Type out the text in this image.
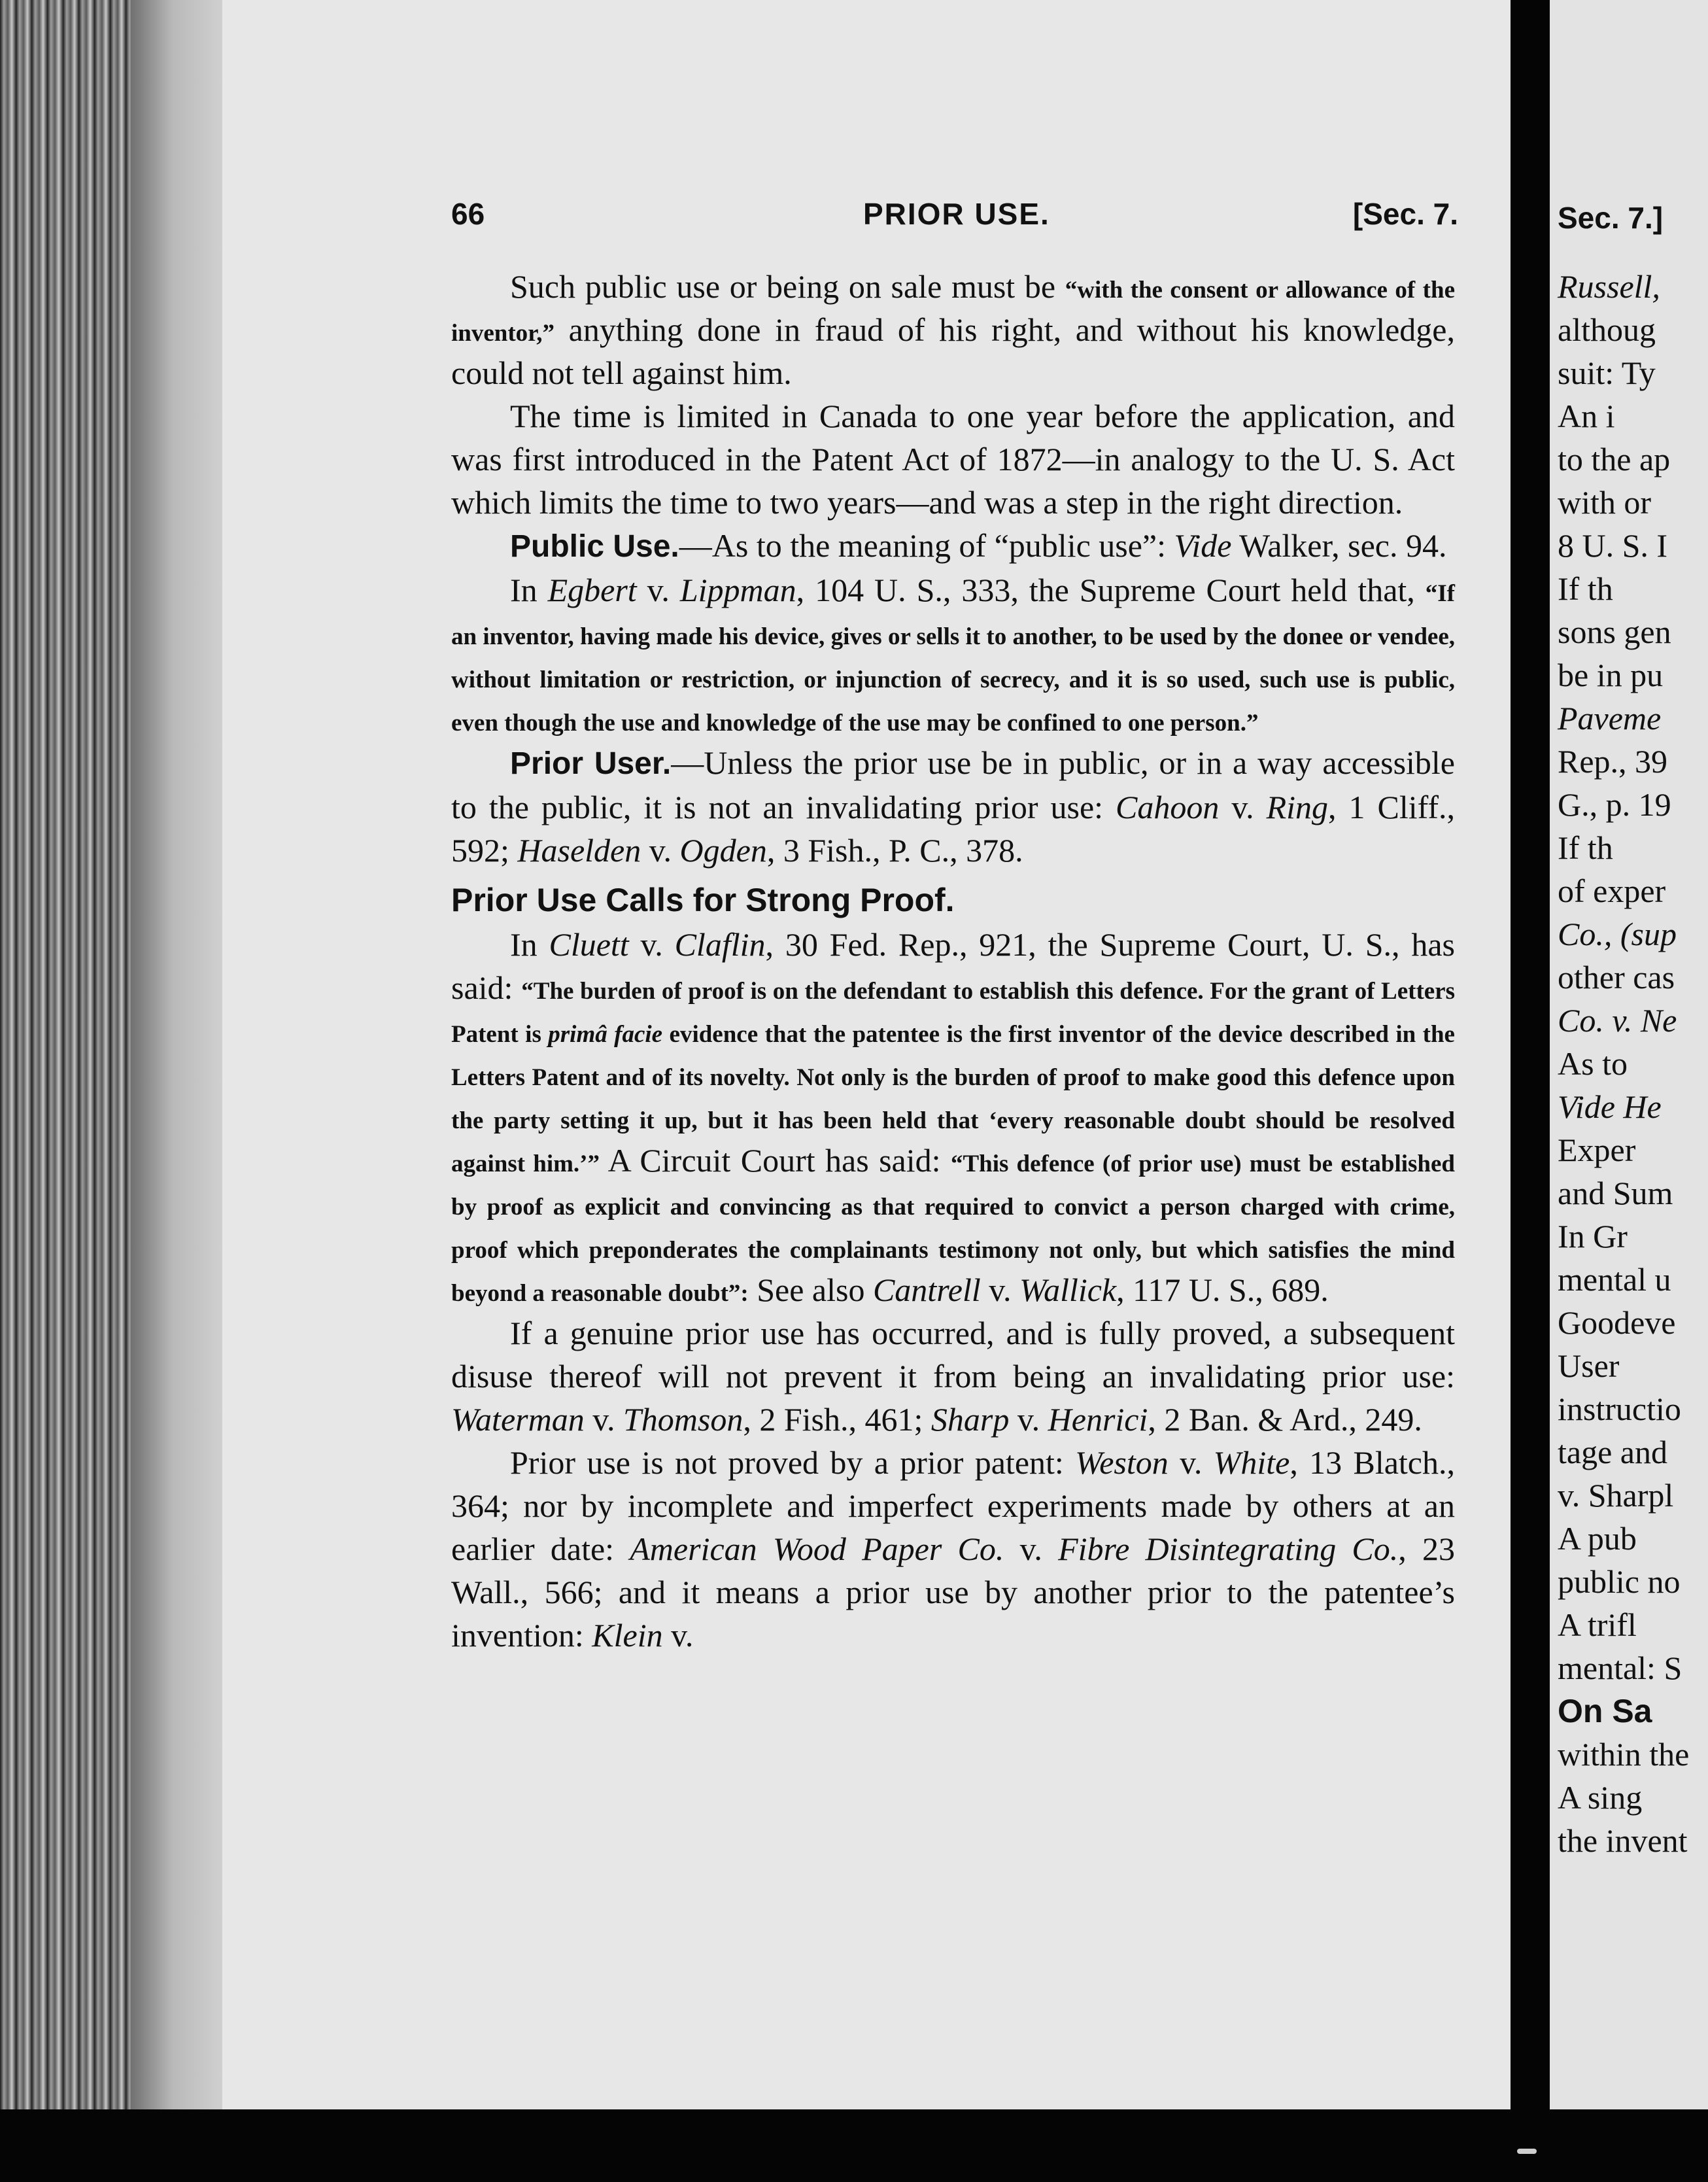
66	PRIOR USE.	[Sec. 7.

Such public use or being on sale must be “with the consent or allowance of the inventor,” anything done in fraud of his right, and without his knowledge, could not tell against him.

The time is limited in Canada to one year before the application, and was first introduced in the Patent Act of 1872—in analogy to the U. S. Act which limits the time to two years—and was a step in the right direction.

Public Use.—As to the meaning of “public use”: Vide Walker, sec. 94.

In Egbert v. Lippman, 104 U. S., 333, the Supreme Court held that, “If an inventor, having made his device, gives or sells it to another, to be used by the donee or vendee, without limitation or restriction, or injunction of secrecy, and it is so used, such use is public, even though the use and knowledge of the use may be confined to one person.”

Prior User.—Unless the prior use be in public, or in a way accessible to the public, it is not an invalidating prior use: Cahoon v. Ring, 1 Cliff., 592; Haselden v. Ogden, 3 Fish., P. C., 378.

Prior Use Calls for Strong Proof.

In Cluett v. Claflin, 30 Fed. Rep., 921, the Supreme Court, U. S., has said: “The burden of proof is on the defendant to establish this defence. For the grant of Letters Patent is primâ facie evidence that the patentee is the first inventor of the device described in the Letters Patent and of its novelty. Not only is the burden of proof to make good this defence upon the party setting it up, but it has been held that ‘every reasonable doubt should be resolved against him.’” A Circuit Court has said: “This defence (of prior use) must be established by proof as explicit and convincing as that required to convict a person charged with crime, proof which preponderates the complainants testimony not only, but which satisfies the mind beyond a reasonable doubt”: See also Cantrell v. Wallick, 117 U. S., 689.

If a genuine prior use has occurred, and is fully proved, a subsequent disuse thereof will not prevent it from being an invalidating prior use: Waterman v. Thomson, 2 Fish., 461; Sharp v. Henrici, 2 Ban. & Ard., 249.

Prior use is not proved by a prior patent: Weston v. White, 13 Blatch., 364; nor by incomplete and imperfect experiments made by others at an earlier date: American Wood Paper Co. v. Fibre Disintegrating Co., 23 Wall., 566; and it means a prior use by another prior to the patentee’s invention: Klein v.

Sec. 7.]
Russell,
althoug
suit: Ty
An i
to the ap
with or
8 U. S. I
If th
sons gen
be in pu
Paveme
Rep., 39
G., p. 19
If th
of exper
Co., (sup
other cas
Co. v. Ne
As to
Vide He
Exper
and Sum
In Gr
mental u
Goodeve
User
instructio
tage and
v. Sharpl
A pub
public no
A trifl
mental: S
On Sa
within the
A sing
the invent
